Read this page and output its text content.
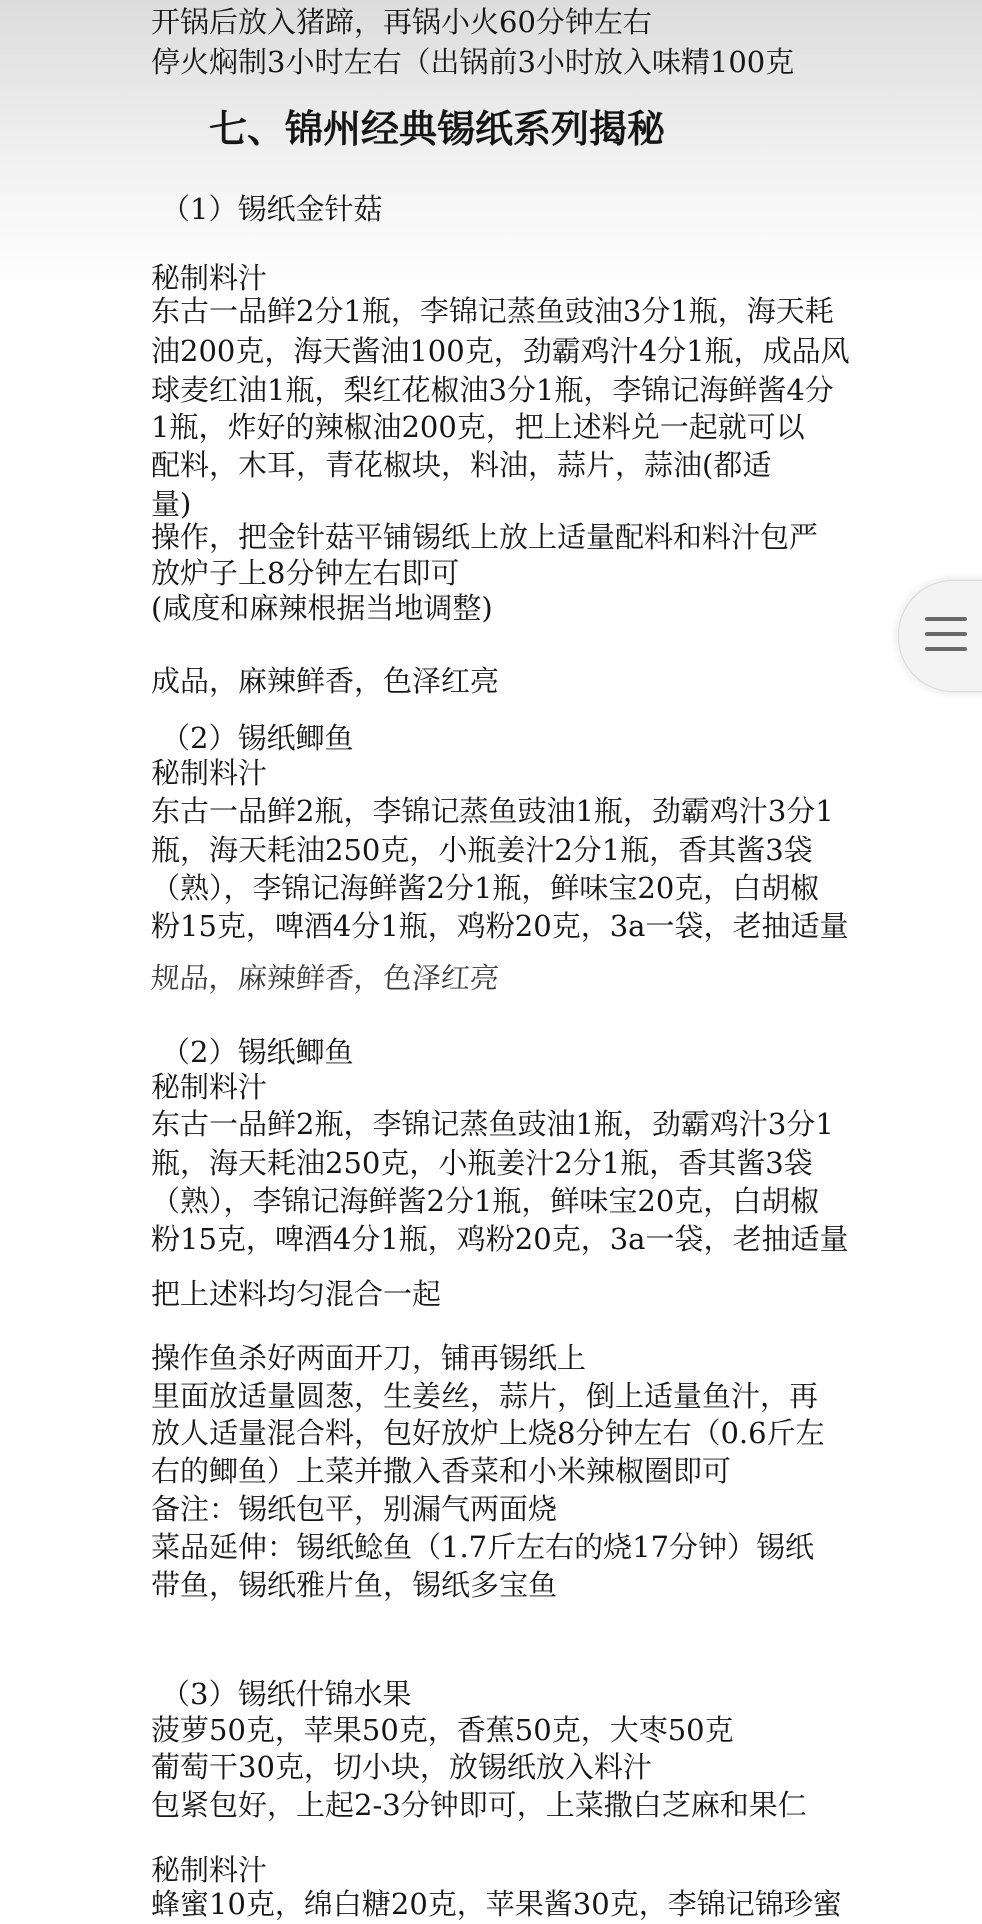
开锅后放入猪蹄，再锅小火60分钟左右
停火焖制3小时左右（出锅前3小时放入味精100克
七、锦州经典锡纸系列揭秘
（1）锡纸金针菇
秘制料汁
东古一品鲜2分1瓶，李锦记蒸鱼豉油3分1瓶，海天耗
油200克，海天酱油100克，劲霸鸡汁4分1瓶，成品风
球麦红油1瓶，梨红花椒油3分1瓶，李锦记海鲜酱4分
1瓶，炸好的辣椒油200克，把上述料兑一起就可以
配料，木耳，青花椒块，料油，蒜片，蒜油(都适
量)
操作，把金针菇平铺锡纸上放上适量配料和料汁包严
放炉子上8分钟左右即可
(咸度和麻辣根据当地调整)
成品，麻辣鲜香，色泽红亮
（2）锡纸鲫鱼
秘制料汁
东古一品鲜2瓶，李锦记蒸鱼豉油1瓶，劲霸鸡汁3分1
瓶，海天耗油250克，小瓶姜汁2分1瓶，香其酱3袋
（熟），李锦记海鲜酱2分1瓶，鲜味宝20克，白胡椒
粉15克，啤酒4分1瓶，鸡粉20克，3a一袋，老抽适量
规品，麻辣鲜香，色泽红亮
（2）锡纸鲫鱼
秘制料汁
东古一品鲜2瓶，李锦记蒸鱼豉油1瓶，劲霸鸡汁3分1
瓶，海天耗油250克，小瓶姜汁2分1瓶，香其酱3袋
（熟），李锦记海鲜酱2分1瓶，鲜味宝20克，白胡椒
粉15克，啤酒4分1瓶，鸡粉20克，3a一袋，老抽适量
把上述料均匀混合一起
操作鱼杀好两面开刀，铺再锡纸上
里面放适量圆葱，生姜丝，蒜片，倒上适量鱼汁，再
放人适量混合料，包好放炉上烧8分钟左右（0.6斤左
右的鲫鱼）上菜并撒入香菜和小米辣椒圈即可
备注：锡纸包平，别漏气两面烧
菜品延伸：锡纸鲶鱼（1.7斤左右的烧17分钟）锡纸
带鱼，锡纸雅片鱼，锡纸多宝鱼
（3）锡纸什锦水果
菠萝50克，苹果50克，香蕉50克，大枣50克
葡萄干30克，切小块，放锡纸放入料汁
包紧包好，上起2-3分钟即可，上菜撒白芝麻和果仁
秘制料汁
蜂蜜10克，绵白糖20克，苹果酱30克，李锦记锦珍蜜
